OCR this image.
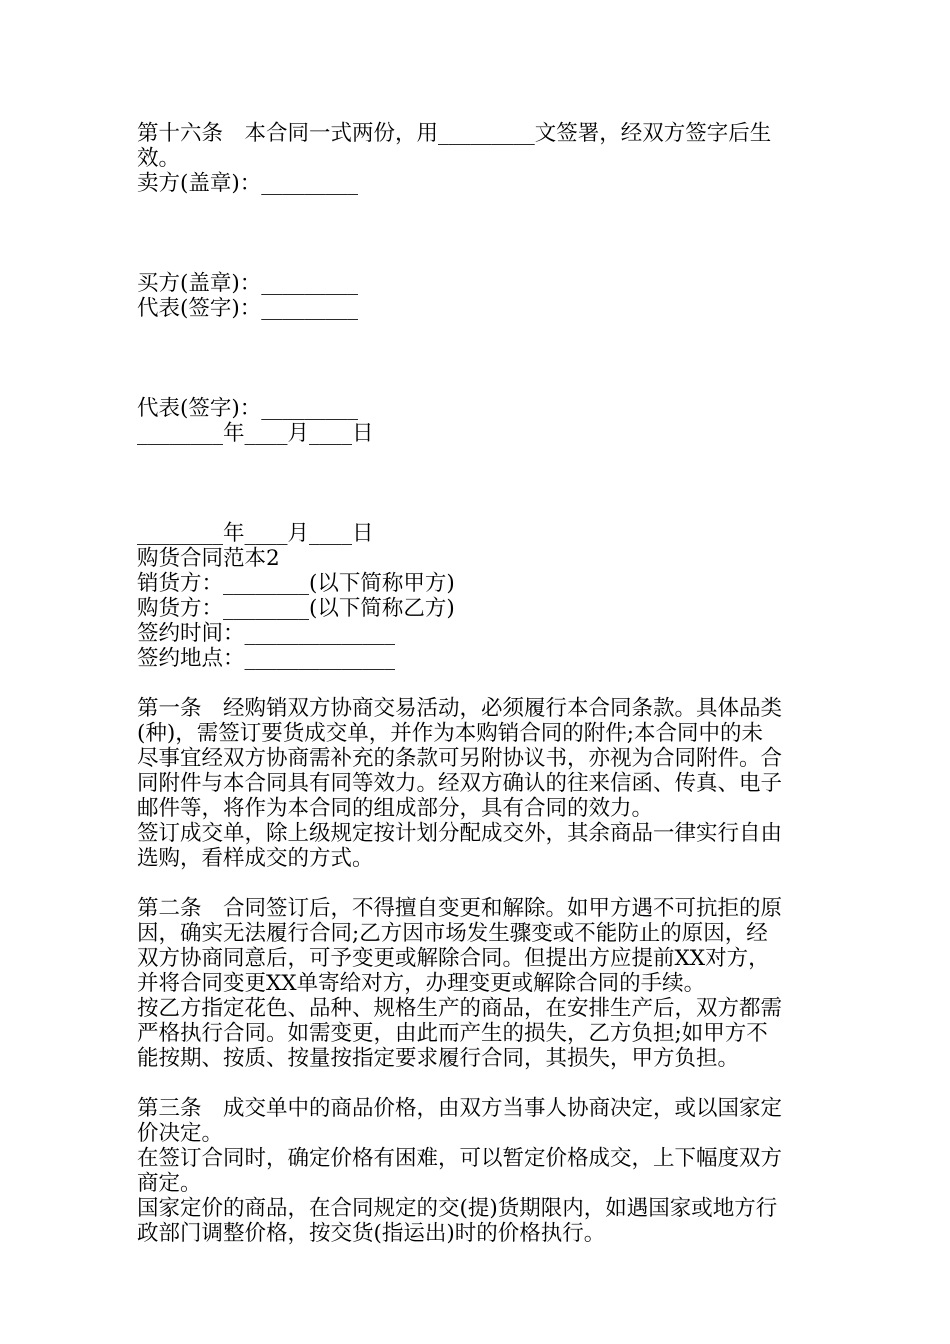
第十六条　本合同一式两份，用_________文签署，经双方签字后生
效。
卖方(盖章)：_________
买方(盖章)：_________
代表(签字)：_________
代表(签字)：_________
________年____月____日
________年____月____日
购货合同范本2
销货方：________(以下简称甲方)
购货方：________(以下简称乙方)
签约时间：______________
签约地点：______________
第一条　经购销双方协商交易活动，必须履行本合同条款。具体品类
(种)，需签订要货成交单，并作为本购销合同的附件;本合同中的未
尽事宜经双方协商需补充的条款可另附协议书，亦视为合同附件。合
同附件与本合同具有同等效力。经双方确认的往来信函、传真、电子
邮件等，将作为本合同的组成部分，具有合同的效力。
签订成交单，除上级规定按计划分配成交外，其余商品一律实行自由
选购，看样成交的方式。
第二条　合同签订后，不得擅自变更和解除。如甲方遇不可抗拒的原
因，确实无法履行合同;乙方因市场发生骤变或不能防止的原因，经
双方协商同意后，可予变更或解除合同。但提出方应提前XX对方，
并将合同变更XX单寄给对方，办理变更或解除合同的手续。
按乙方指定花色、品种、规格生产的商品，在安排生产后，双方都需
严格执行合同。如需变更，由此而产生的损失，乙方负担;如甲方不
能按期、按质、按量按指定要求履行合同，其损失，甲方负担。
第三条　成交单中的商品价格，由双方当事人协商决定，或以国家定
价决定。
在签订合同时，确定价格有困难，可以暂定价格成交，上下幅度双方
商定。
国家定价的商品，在合同规定的交(提)货期限内，如遇国家或地方行
政部门调整价格，按交货(指运出)时的价格执行。
